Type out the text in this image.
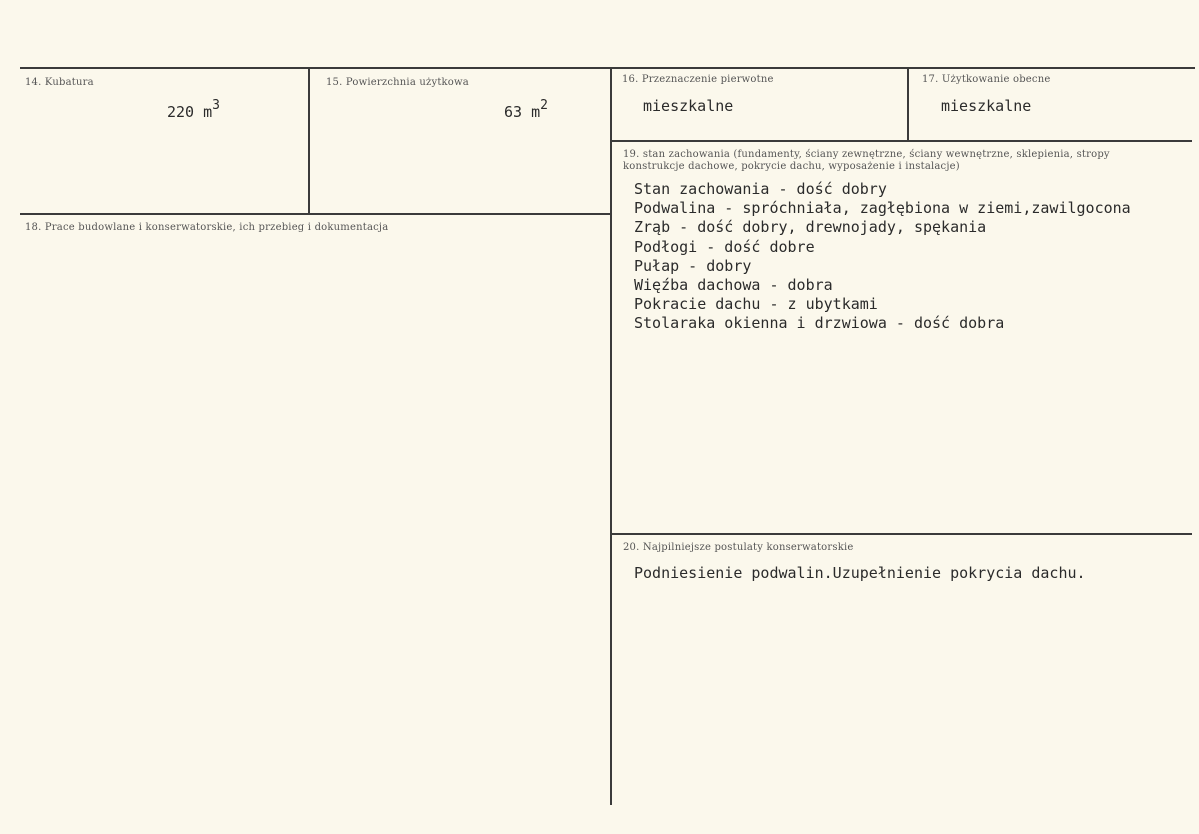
14. Kubatura
220 $m^3$
15. Powierzchnia użytkowa
63 $m^2$
16. Przeznaczenie pierwotne
mieszkalne
17. Użytkowanie obecne
mieszkalne
18. Prace budowlane i konserwatorskie, ich przebieg i dokumentacja
19. stan zachowania (fundamenty, ściany zewnętrzne, ściany wewnętrzne, sklepienia, stropy konstrukcje dachowe, pokrycie dachu, wyposażenie i instalacje)
Stan zachowania - dość dobry
Podwalina - spróchniała, zagłębiona w ziemi,zawilgocona
Zrąb - dość dobry, drewnojady, spękania
Podłogi - dość dobre
Pułap - dobry
Więźba dachowa - dobra
Pokracie dachu - z ubytkami
Stolaraka okienna i drzwiowa - dość dobra
20. Najpilniejsze postulaty konserwatorskie
Podniesienie podwalin.Uzupełnienie pokrycia dachu.
